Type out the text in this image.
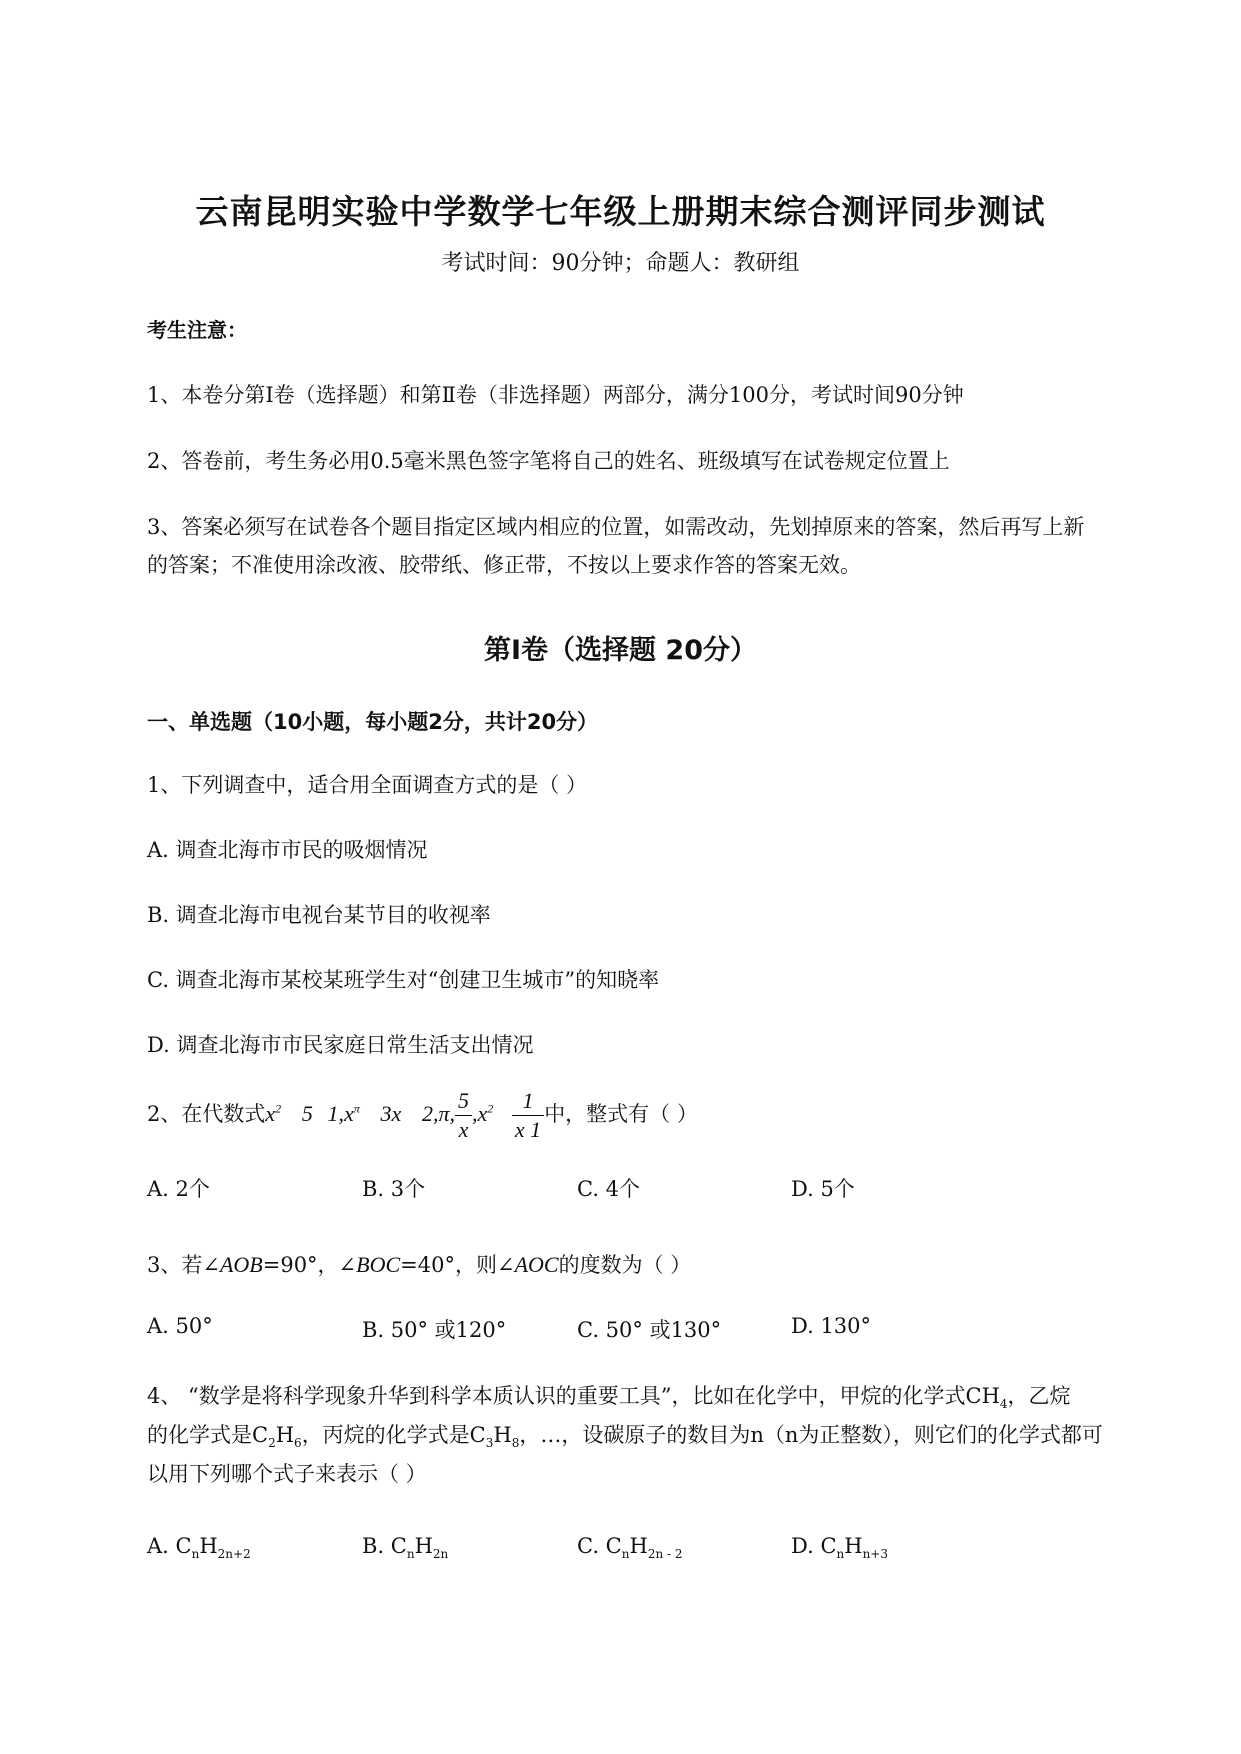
云南昆明实验中学数学七年级上册期末综合测评同步测试
考试时间：90分钟；命题人：教研组
考生注意：
1、本卷分第I卷（选择题）和第Ⅱ卷（非选择题）两部分，满分100分，考试时间90分钟
2、答卷前，考生务必用0.5毫米黑色签字笔将自己的姓名、班级填写在试卷规定位置上
3、答案必须写在试卷各个题目指定区域内相应的位置，如需改动，先划掉原来的答案，然后再写上新
的答案；不准使用涂改液、胶带纸、修正带，不按以上要求作答的答案无效。
第I卷（选择题 20分）
一、单选题（10小题，每小题2分，共计20分）
1、下列调查中，适合用全面调查方式的是（ ）
A. 调查北海市市民的吸烟情况
B. 调查北海市电视台某节目的收视率
C. 调查北海市某校某班学生对“创建卫生城市”的知晓率
D. 调查北海市市民家庭日常生活支出情况
2、在代数式$x^2$ 5 $1,x^\pi$ 3x 2,π, $\frac{5}{x} ,x^2 \frac{1}{x 1}$ 中，整式有（ ）
A. 2个	B. 3个	C. 4个	D. 5个
3、若∠AOB=90°，∠BOC=40°，则∠AOC的度数为（ ）
A. 50°	B. 50° 或120°	C. 50° 或130°	D. 130°
4、 “数学是将科学现象升华到科学本质认识的重要工具”，比如在化学中，甲烷的化学式$CH_4$，乙烷
的化学式是$C_2H_6$，丙烷的化学式是$C_3H_8$，…，设碳原子的数目为n（n为正整数），则它们的化学式都可
以用下列哪个式子来表示（ ）
A. $C_nH_{2n+2}$	B. $C_nH_{2n}$	C. $C_nH_{2n - 2}$	D. $C_nH_{n+3}$
